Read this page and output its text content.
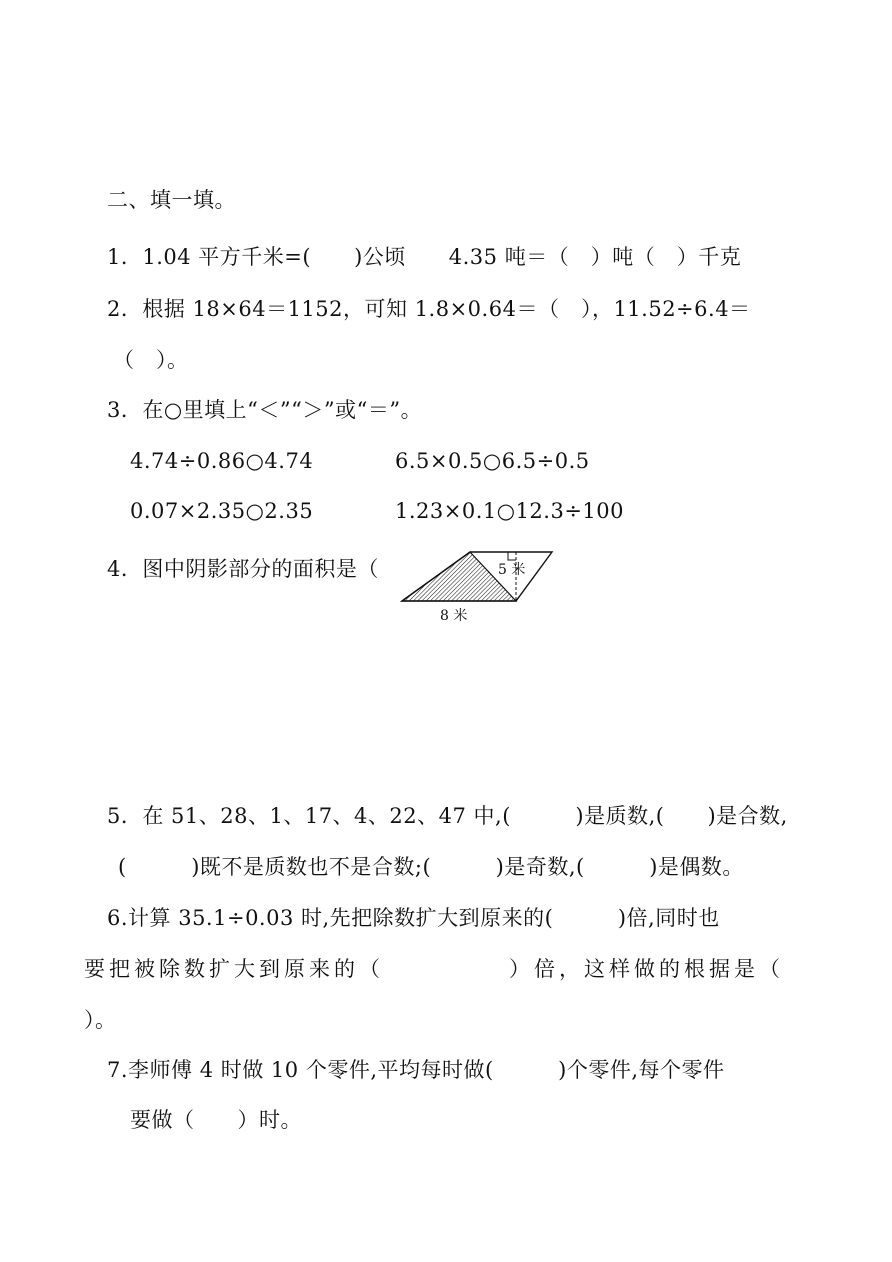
二、填一填。
1．1.04 平方千米=(　　)公顷　　4.35 吨＝（　）吨（　）千克
2．根据 18×64＝1152，可知 1.8×0.64＝（　），11.52÷6.4＝
（　）。
3．在○里填上“＜”“＞”或“＝”。
4.74÷0.86○4.74	6.5×0.5○6.5÷0.5
0.07×2.35○2.35	1.23×0.1○12.3÷100
4．图中阴影部分的面积是（	5 米
8 米
5．在 51、28、1、17、4、22、47 中,(　　　)是质数,(　　)是合数,
(　　　)既不是质数也不是合数;(　　　)是奇数,(　　　)是偶数。
6.计算 35.1÷0.03 时,先把除数扩大到原来的(　　　)倍,同时也
要把被除数扩大到原来的（　　　　　）倍，这样做的根据是（
）。
7.李师傅 4 时做 10 个零件,平均每时做(　　　)个零件,每个零件
要做（　　）时。
